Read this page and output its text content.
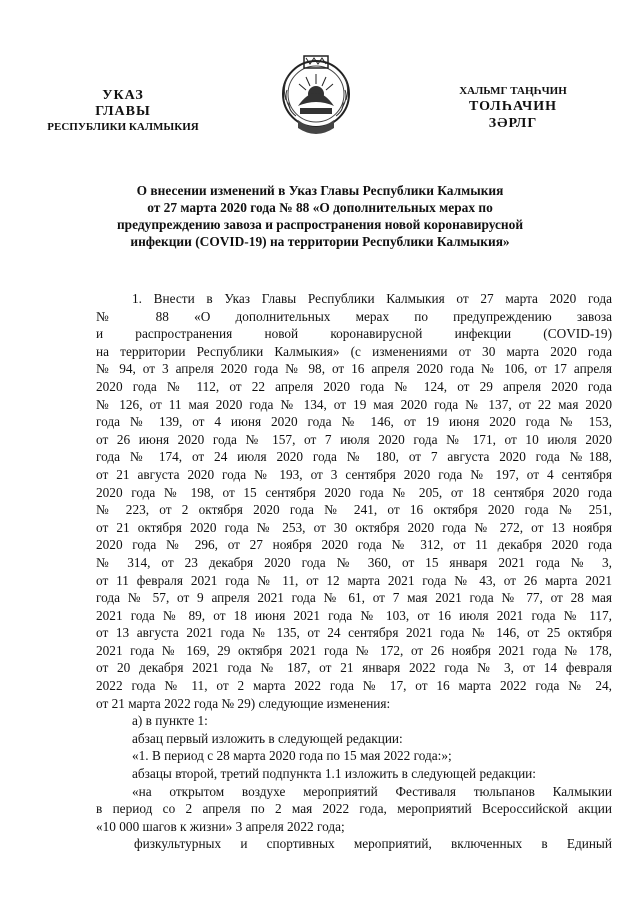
УКАЗ
ГЛАВЫ
РЕСПУБЛИКИ КАЛМЫКИЯ
ХАЛЬМГ ТАҢҺЧИН
ТОЛҺАЧИН
ЗӘРЛГ
О внесении изменений в Указ Главы Республики Калмыкия
от 27 марта 2020 года № 88 «О дополнительных мерах по
предупреждению завоза и распространения новой коронавирусной
инфекции (COVID-19) на территории Республики Калмыкия»
1. Внести в Указ Главы Республики Калмыкия от 27 марта 2020 года
№ 88 «О дополнительных мерах по предупреждению завоза
и распространения новой коронавирусной инфекции (COVID-19)
на территории Республики Калмыкия» (с изменениями от 30 марта 2020 года
№ 94, от 3 апреля 2020 года № 98, от 16 апреля 2020 года № 106, от 17 апреля
2020 года № 112, от 22 апреля 2020 года № 124, от 29 апреля 2020 года
№ 126, от 11 мая 2020 года № 134, от 19 мая 2020 года № 137, от 22 мая 2020
года № 139, от 4 июня 2020 года № 146, от 19 июня 2020 года № 153,
от 26 июня 2020 года № 157, от 7 июля 2020 года № 171, от 10 июля 2020
года № 174, от 24 июля 2020 года № 180, от 7 августа 2020 года №188,
от 21 августа 2020 года № 193, от 3 сентября 2020 года № 197, от 4 сентября
2020 года № 198, от 15 сентября 2020 года № 205, от 18 сентября 2020 года
№ 223, от 2 октября 2020 года № 241, от 16 октября 2020 года № 251,
от 21 октября 2020 года № 253, от 30 октября 2020 года № 272, от 13 ноября
2020 года № 296, от 27 ноября 2020 года № 312, от 11 декабря 2020 года
№ 314, от 23 декабря 2020 года № 360, от 15 января 2021 года № 3,
от 11 февраля 2021 года № 11, от 12 марта 2021 года № 43, от 26 марта 2021
года № 57, от 9 апреля 2021 года № 61, от 7 мая 2021 года № 77, от 28 мая
2021 года № 89, от 18 июня 2021 года № 103, от 16 июля 2021 года № 117,
от 13 августа 2021 года № 135, от 24 сентября 2021 года № 146, от 25 октября
2021 года № 169, 29 октября 2021 года № 172, от 26 ноября 2021 года № 178,
от 20 декабря 2021 года № 187, от 21 января 2022 года № 3, от 14 февраля
2022 года № 11, от 2 марта 2022 года № 17, от 16 марта 2022 года № 24,
от 21 марта 2022 года № 29) следующие изменения:
а) в пункте 1:
абзац первый изложить в следующей редакции:
«1. В период с 28 марта 2020 года по 15 мая 2022 года:»;
абзацы второй, третий подпункта 1.1 изложить в следующей редакции:
«на открытом воздухе мероприятий Фестиваля тюльпанов Калмыкии
в период со 2 апреля по 2 мая 2022 года, мероприятий Всероссийской акции
«10 000 шагов к жизни» 3 апреля 2022 года;
физкультурных и спортивных мероприятий, включенных в Единый
